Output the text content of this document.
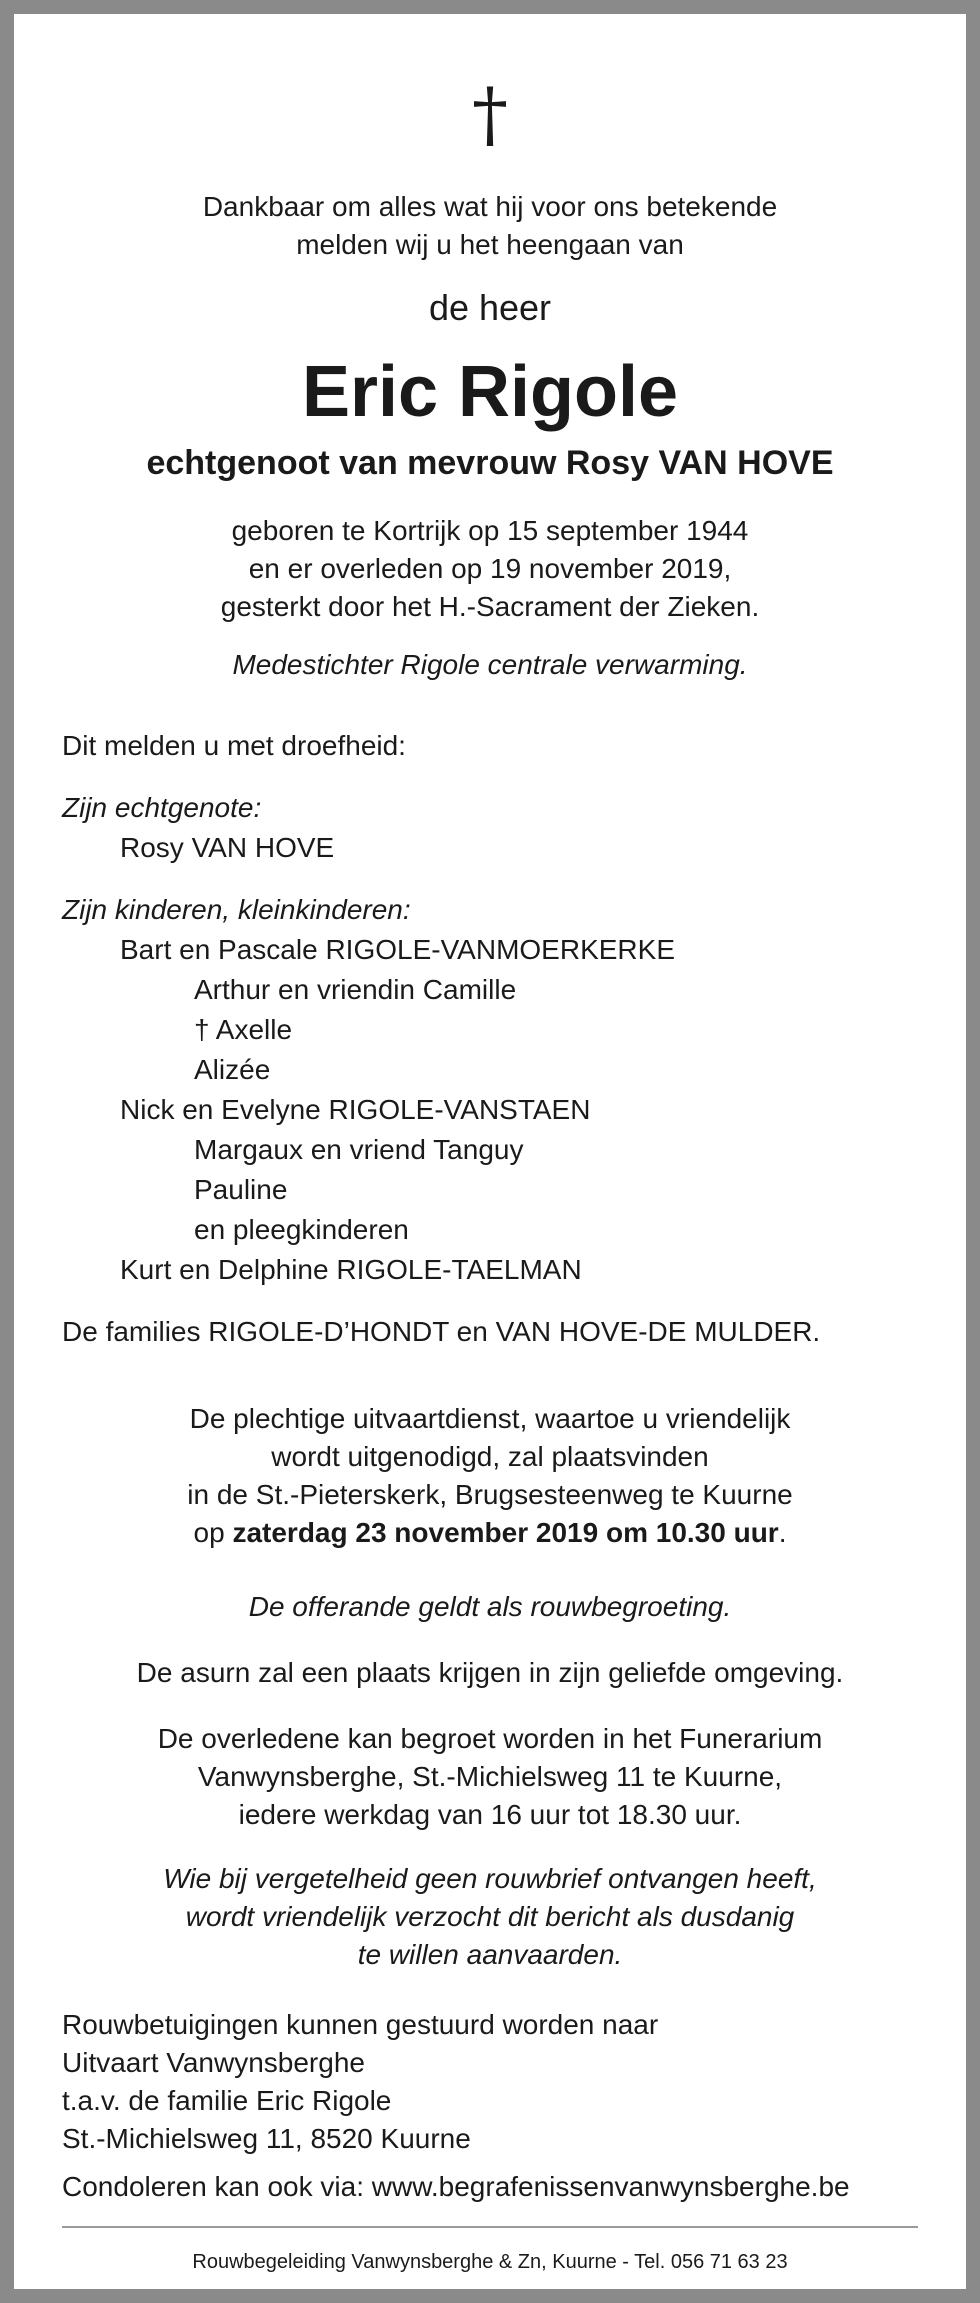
†
Dankbaar om alles wat hij voor ons betekende
melden wij u het heengaan van
de heer
Eric Rigole
echtgenoot van mevrouw Rosy VAN HOVE
geboren te Kortrijk op 15 september 1944
en er overleden op 19 november 2019,
gesterkt door het H.-Sacrament der Zieken.
Medestichter Rigole centrale verwarming.

Dit melden u met droefheid:

Zijn echtgenote:

Rosy VAN HOVE

Zijn kinderen, kleinkinderen:

Bart en Pascale RIGOLE-VANMOERKERKE

Arthur en vriendin Camille

† Axelle

Alizée

Nick en Evelyne RIGOLE-VANSTAEN

Margaux en vriend Tanguy

Pauline

en pleegkinderen

Kurt en Delphine RIGOLE-TAELMAN

De families RIGOLE-D’HONDT en VAN HOVE-DE MULDER.

De plechtige uitvaartdienst, waartoe u vriendelijk
wordt uitgenodigd, zal plaatsvinden
in de St.-Pieterskerk, Brugsesteenweg te Kuurne
op zaterdag 23 november 2019 om 10.30 uur.
De offerande geldt als rouwbegroeting.
De asurn zal een plaats krijgen in zijn geliefde omgeving.
De overledene kan begroet worden in het Funerarium
Vanwynsberghe, St.-Michielsweg 11 te Kuurne,
iedere werkdag van 16 uur tot 18.30 uur.
Wie bij vergetelheid geen rouwbrief ontvangen heeft,
wordt vriendelijk verzocht dit bericht als dusdanig
te willen aanvaarden.
Rouwbetuigingen kunnen gestuurd worden naar
Uitvaart Vanwynsberghe
t.a.v. de familie Eric Rigole
St.-Michielsweg 11, 8520 Kuurne
Condoleren kan ook via: www.begrafenissenvanwynsberghe.be
Rouwbegeleiding Vanwynsberghe & Zn, Kuurne - Tel. 056 71 63 23
